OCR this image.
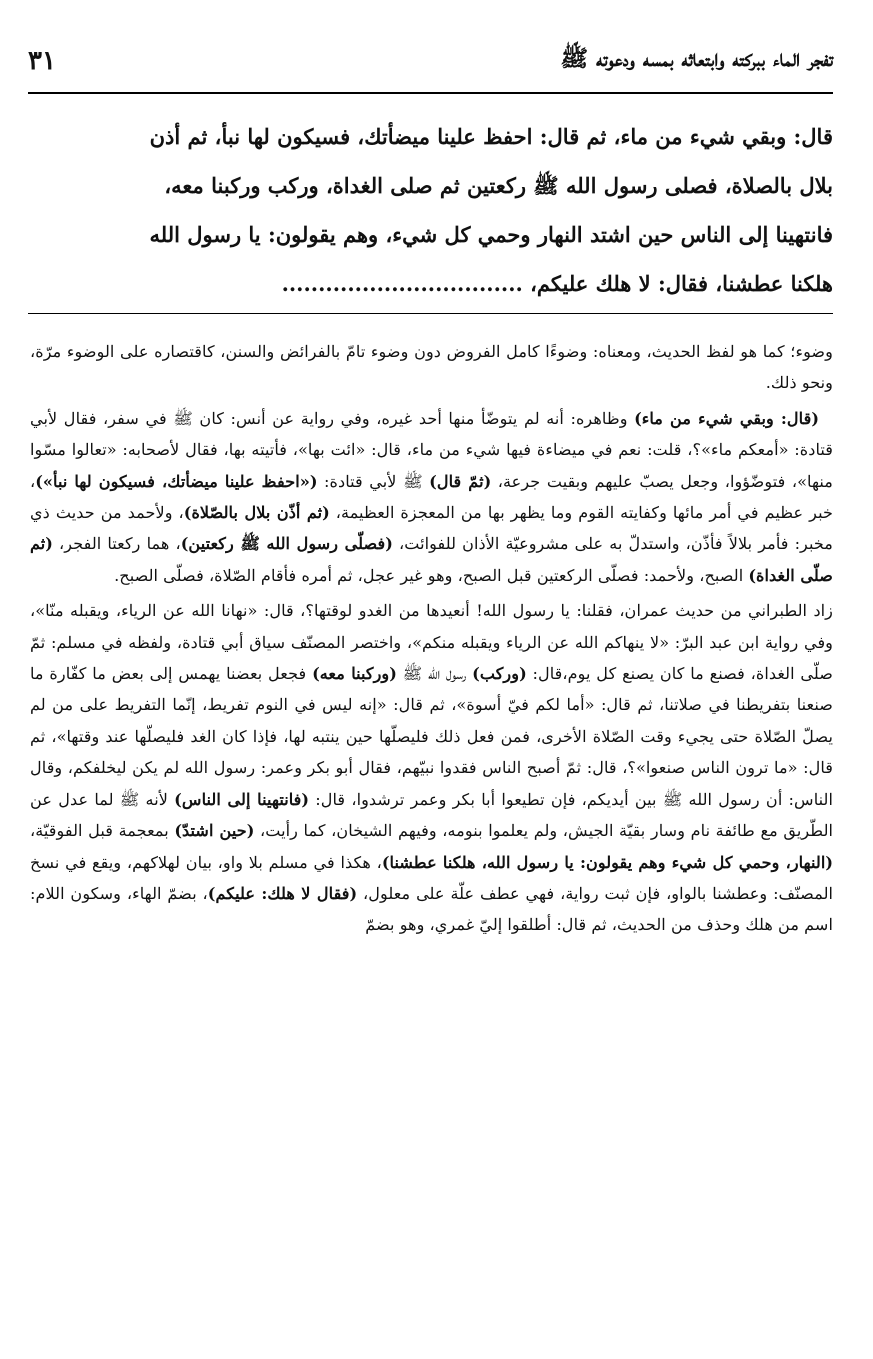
تفجر الماء ببركته وابتعاثه بمسه ودعوته ﷺ
٣١

قال: وبقي شيء من ماء، ثم قال: احفظ علينا ميضأتك، فسيكون لها نبأ، ثم أذن

بلال بالصلاة، فصلى رسول الله ﷺ ركعتين ثم صلى الغداة، وركب وركبنا معه،

فانتهينا إلى الناس حين اشتد النهار وحمي كل شيء، وهم يقولون: يا رسول الله

هلكنا عطشنا، فقال: لا هلك عليكم، .................................

وضوء؛ كما هو لفظ الحديث، ومعناه: وضوءًا كامل الفروض دون وضوء تامّ بالفرائض والسنن، كاقتصاره على الوضوء مرّة، ونحو ذلك.

(قال: وبقي شيء من ماء) وظاهره: أنه لم يتوضّأ منها أحد غيره، وفي رواية عن أنس: كان ﷺ في سفر، فقال لأبي قتادة: «أمعكم ماء»؟، قلت: نعم في ميضاءة فيها شيء من ماء، قال: «ائت بها»، فأتيته بها، فقال لأصحابه: «تعالوا مسّوا منها»، فتوضّؤوا، وجعل يصبّ عليهم وبقيت جرعة، (ثمّ قال) ﷺ لأبي قتادة: («احفظ علينا ميضأتك، فسيكون لها نبأ»)، خبر عظيم في أمر مائها وكفايته القوم وما يظهر بها من المعجزة العظيمة، (ثم أذّن بلال بالصّلاة)، ولأحمد من حديث ذي مخبر: فأمر بلالاً فأذّن، واستدلّ به على مشروعيّة الأذان للفوائت، (فصلّى رسول الله ﷺ ركعتين)، هما ركعتا الفجر، (ثم صلّى الغداة) الصبح، ولأحمد: فصلّى الركعتين قبل الصبح، وهو غير عجل، ثم أمره فأقام الصّلاة، فصلّى الصبح.

زاد الطبراني من حديث عمران، فقلنا: يا رسول الله! أنعيدها من الغدو لوقتها؟، قال: «نهانا الله عن الرياء، ويقبله منّا»، وفي رواية ابن عبد البرّ: «لا ينهاكم الله عن الرياء ويقبله منكم»، واختصر المصنّف سياق أبي قتادة، ولفظه في مسلم: ثمّ صلّى الغداة، فصنع ما كان يصنع كل يوم،قال: (وركب) رسول الله ﷺ (وركبنا معه) فجعل بعضنا يهمس إلى بعض ما كفّارة ما صنعنا بتفريطنا في صلاتنا، ثم قال: «أما لكم فيّ أسوة»، ثم قال: «إنه ليس في النوم تفريط، إنّما التفريط على من لم يصلّ الصّلاة حتى يجيء وقت الصّلاة الأخرى، فمن فعل ذلك فليصلّها حين ينتبه لها، فإذا كان الغد فليصلّها عند وقتها»، ثم قال: «ما ترون الناس صنعوا»؟، قال: ثمّ أصبح الناس فقدوا نبيّهم، فقال أبو بكر وعمر: رسول الله لم يكن ليخلفكم، وقال الناس: أن رسول الله ﷺ بين أيديكم، فإن تطيعوا أبا بكر وعمر ترشدوا، قال: (فانتهينا إلى الناس) لأنه ﷺ لما عدل عن الطّريق مع طائفة نام وسار بقيّة الجيش، ولم يعلموا بنومه، وفيهم الشيخان، كما رأيت، (حين اشتدّ) بمعجمة قبل الفوقيّة، (النهار، وحمي كل شيء وهم يقولون: يا رسول الله، هلكنا عطشنا)، هكذا في مسلم بلا واو، بيان لهلاكهم، ويقع في نسخ المصنّف: وعطشنا بالواو، فإن ثبت رواية، فهي عطف علّة على معلول، (فقال لا هلك: عليكم)، بضمّ الهاء، وسكون اللام: اسم من هلك وحذف من الحديث، ثم قال: أطلقوا إليّ غمري، وهو بضمّ
